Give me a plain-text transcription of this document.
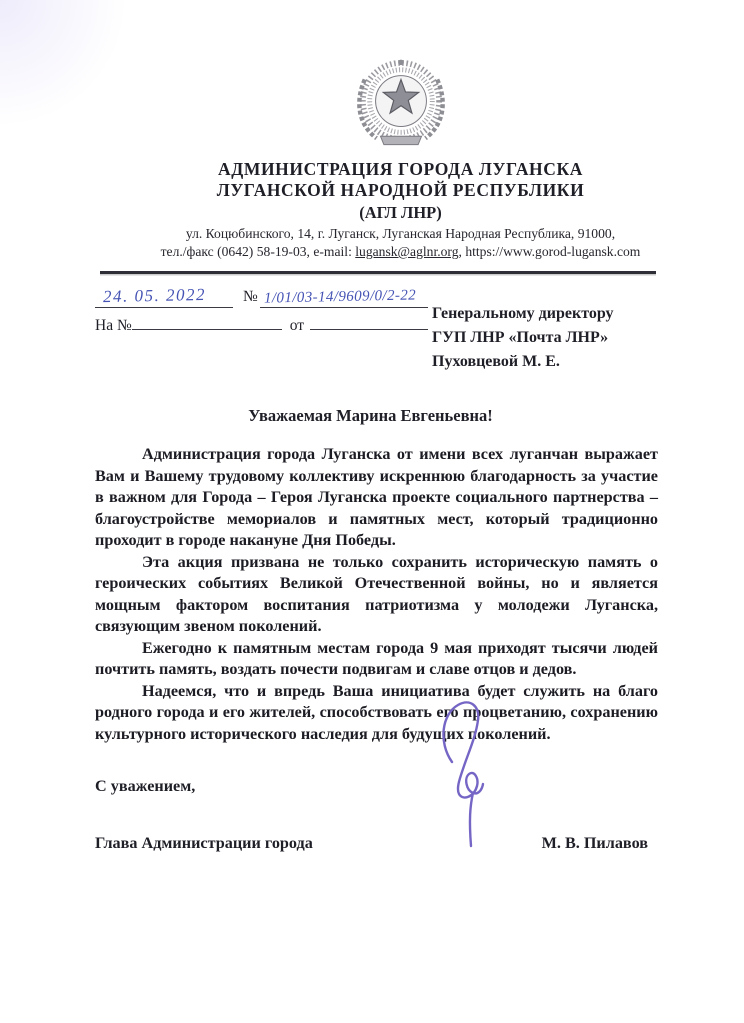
АДМИНИСТРАЦИЯ ГОРОДА ЛУГАНСКА
ЛУГАНСКОЙ НАРОДНОЙ РЕСПУБЛИКИ
(АГЛ ЛНР)
ул. Коцюбинского, 14, г. Луганск, Луганская Народная Республика, 91000,
тел./факс (0642) 58-19-03, e-mail: lugansk@aglnr.org, https://www.gorod-lugansk.com
24. 05. 2022 № 1/01/03-14/9609/0/2-22
На №	от
Генеральному директору
ГУП ЛНР «Почта ЛНР»
Пуховцевой М. Е.
Уважаемая Марина Евгеньевна!

Администрация города Луганска от имени всех луганчан выражает Вам и Вашему трудовому коллективу искреннюю благодарность за участие в важном для Города – Героя Луганска проекте социального партнерства – благоустройстве мемориалов и памятных мест, который традиционно проходит в городе накануне Дня Победы.

Эта акция призвана не только сохранить историческую память о героических событиях Великой Отечественной войны, но и является мощным фактором воспитания патриотизма у молодежи Луганска, связующим звеном поколений.

Ежегодно к памятным местам города 9 мая приходят тысячи людей почтить память, воздать почести подвигам и славе отцов и дедов.

Надеемся, что и впредь Ваша инициатива будет служить на благо родного города и его жителей, способствовать его процветанию, сохранению культурного исторического наследия для будущих поколений.

С уважением,
Глава Администрации города	М. В. Пилавов
